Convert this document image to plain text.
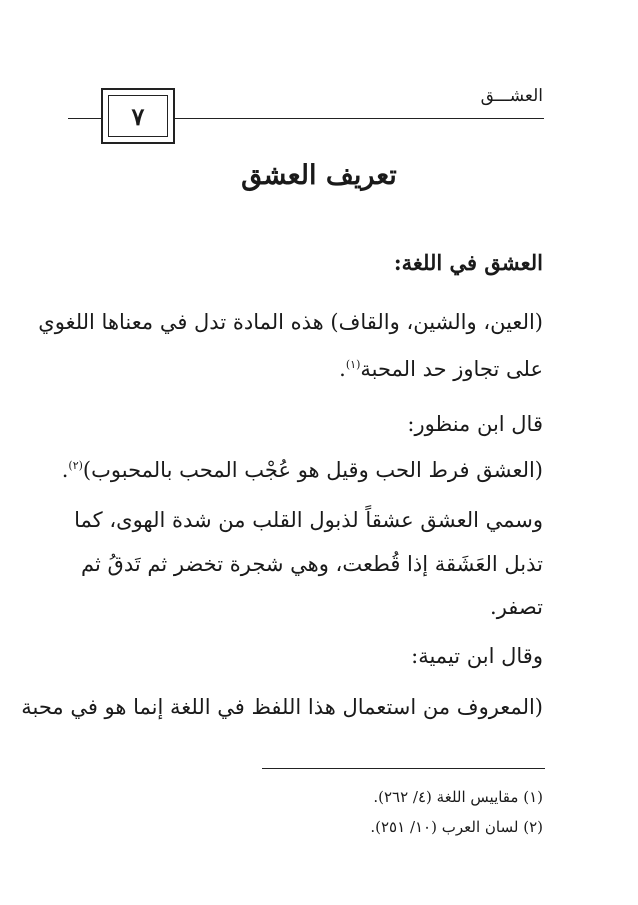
٧
العشـــق
تعريف العشق
العشق في اللغة:
(العين، والشين، والقاف) هذه المادة تدل في معناها اللغوي
على تجاوز حد المحبة$^{(١)}$.
قال ابن منظور:
(العشق فرط الحب وقيل هو عُجْب المحب بالمحبوب)$^{(٢)}$.
وسمي العشق عشقاً لذبول القلب من شدة الهوى، كما
تذبل العَشَقة إذا قُطعت، وهي شجرة تخضر ثم تَدقُ ثم
تصفر.
وقال ابن تيمية:
(المعروف من استعمال هذا اللفظ في اللغة إنما هو في محبة
(١) مقاييس اللغة (٤/ ٢٦٢).
(٢) لسان العرب (١٠/ ٢٥١).
